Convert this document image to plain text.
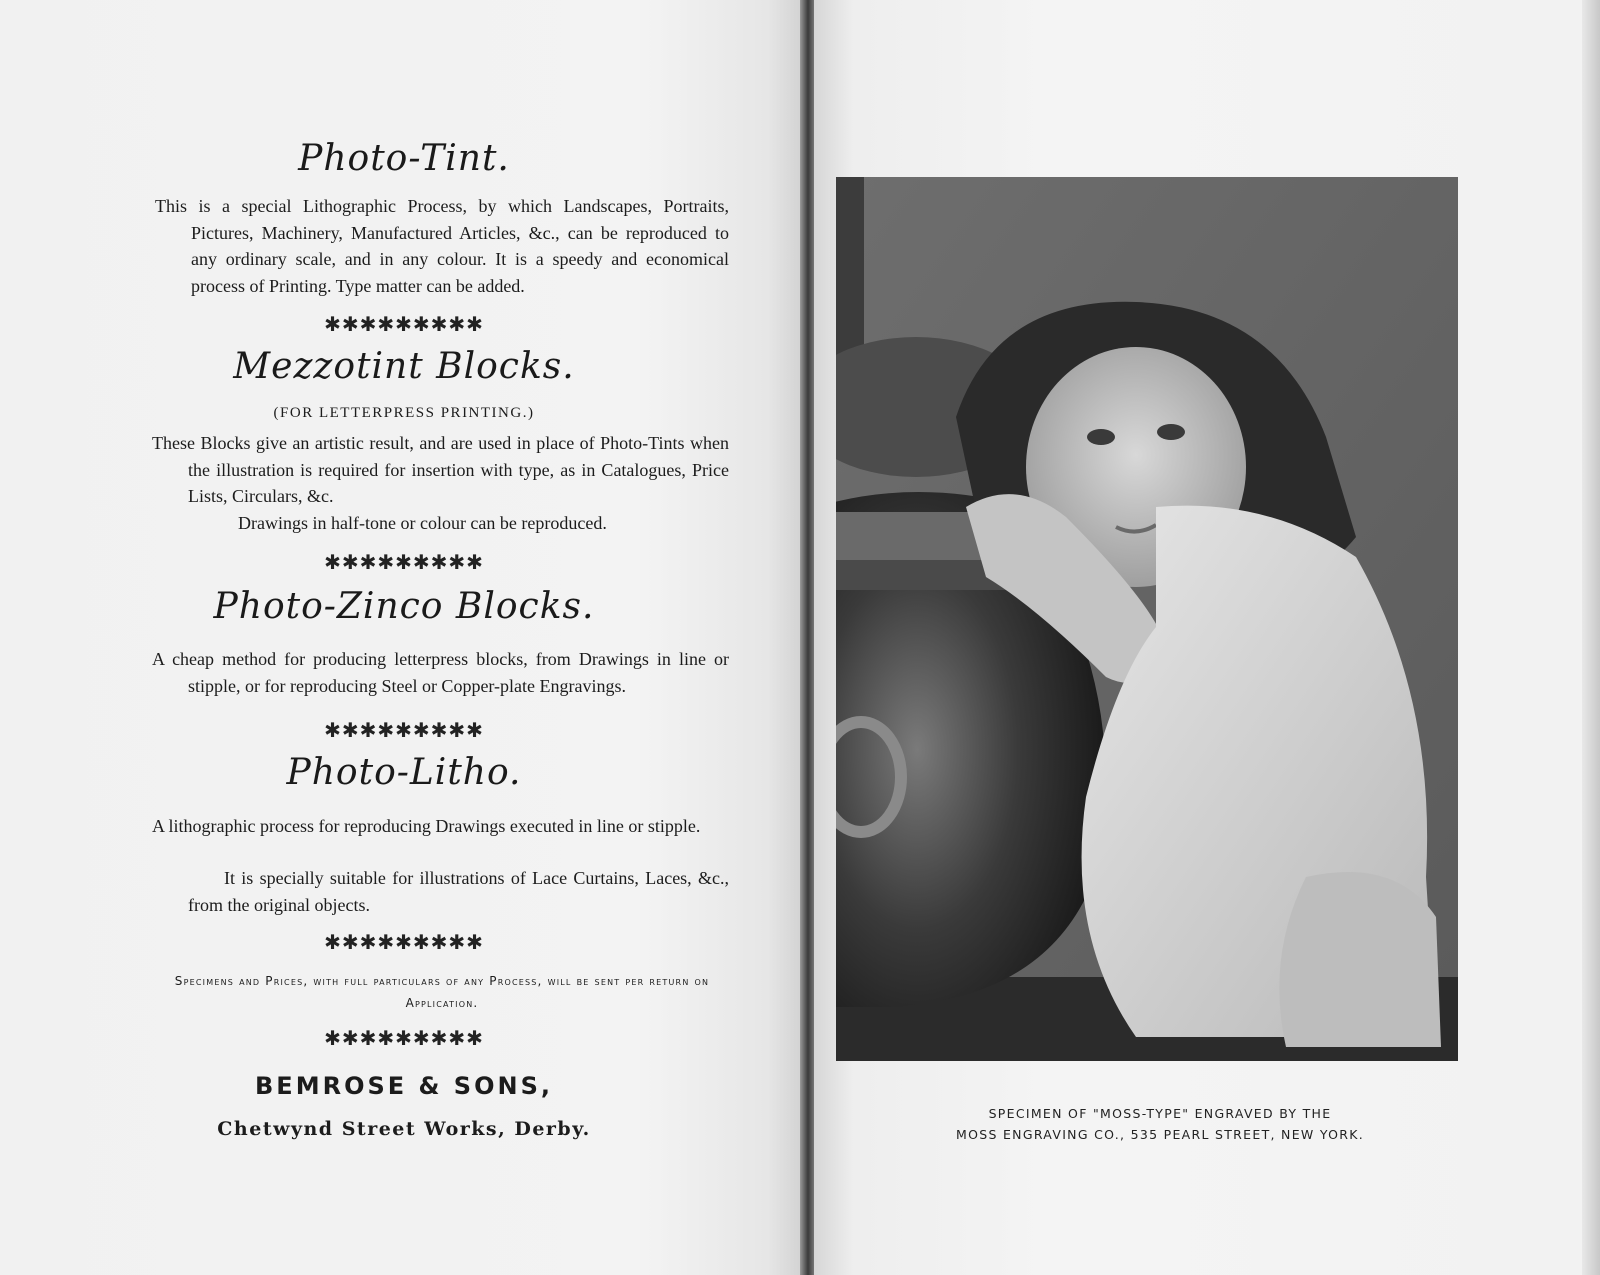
Photo-Tint.
This is a special Lithographic Process, by which Landscapes, Portraits, Pictures, Machinery, Manufactured Articles, &c., can be reproduced to any ordinary scale, and in any colour. It is a speedy and economical process of Printing. Type matter can be added.
✱✱✱✱✱✱✱✱✱
Mezzotint Blocks.
(FOR LETTERPRESS PRINTING.)
These Blocks give an artistic result, and are used in place of Photo-Tints when the illustration is required for insertion with type, as in Catalogues, Price Lists, Circulars, &c.
Drawings in half-tone or colour can be reproduced.
✱✱✱✱✱✱✱✱✱
Photo-Zinco Blocks.
A cheap method for producing letterpress blocks, from Drawings in line or stipple, or for reproducing Steel or Copper-plate Engravings.
✱✱✱✱✱✱✱✱✱
Photo-Litho.
A lithographic process for reproducing Drawings executed in line or stipple.
It is specially suitable for illustrations of Lace Curtains, Laces, &c., from the original objects.
✱✱✱✱✱✱✱✱✱
Specimens and Prices, with full particulars of any Process, will be sent per return on Application.
✱✱✱✱✱✱✱✱✱
BEMROSE & SONS,
Chetwynd Street Works, Derby.
SPECIMEN OF "MOSS-TYPE" ENGRAVED BY THE
MOSS ENGRAVING CO., 535 PEARL STREET, NEW YORK.
